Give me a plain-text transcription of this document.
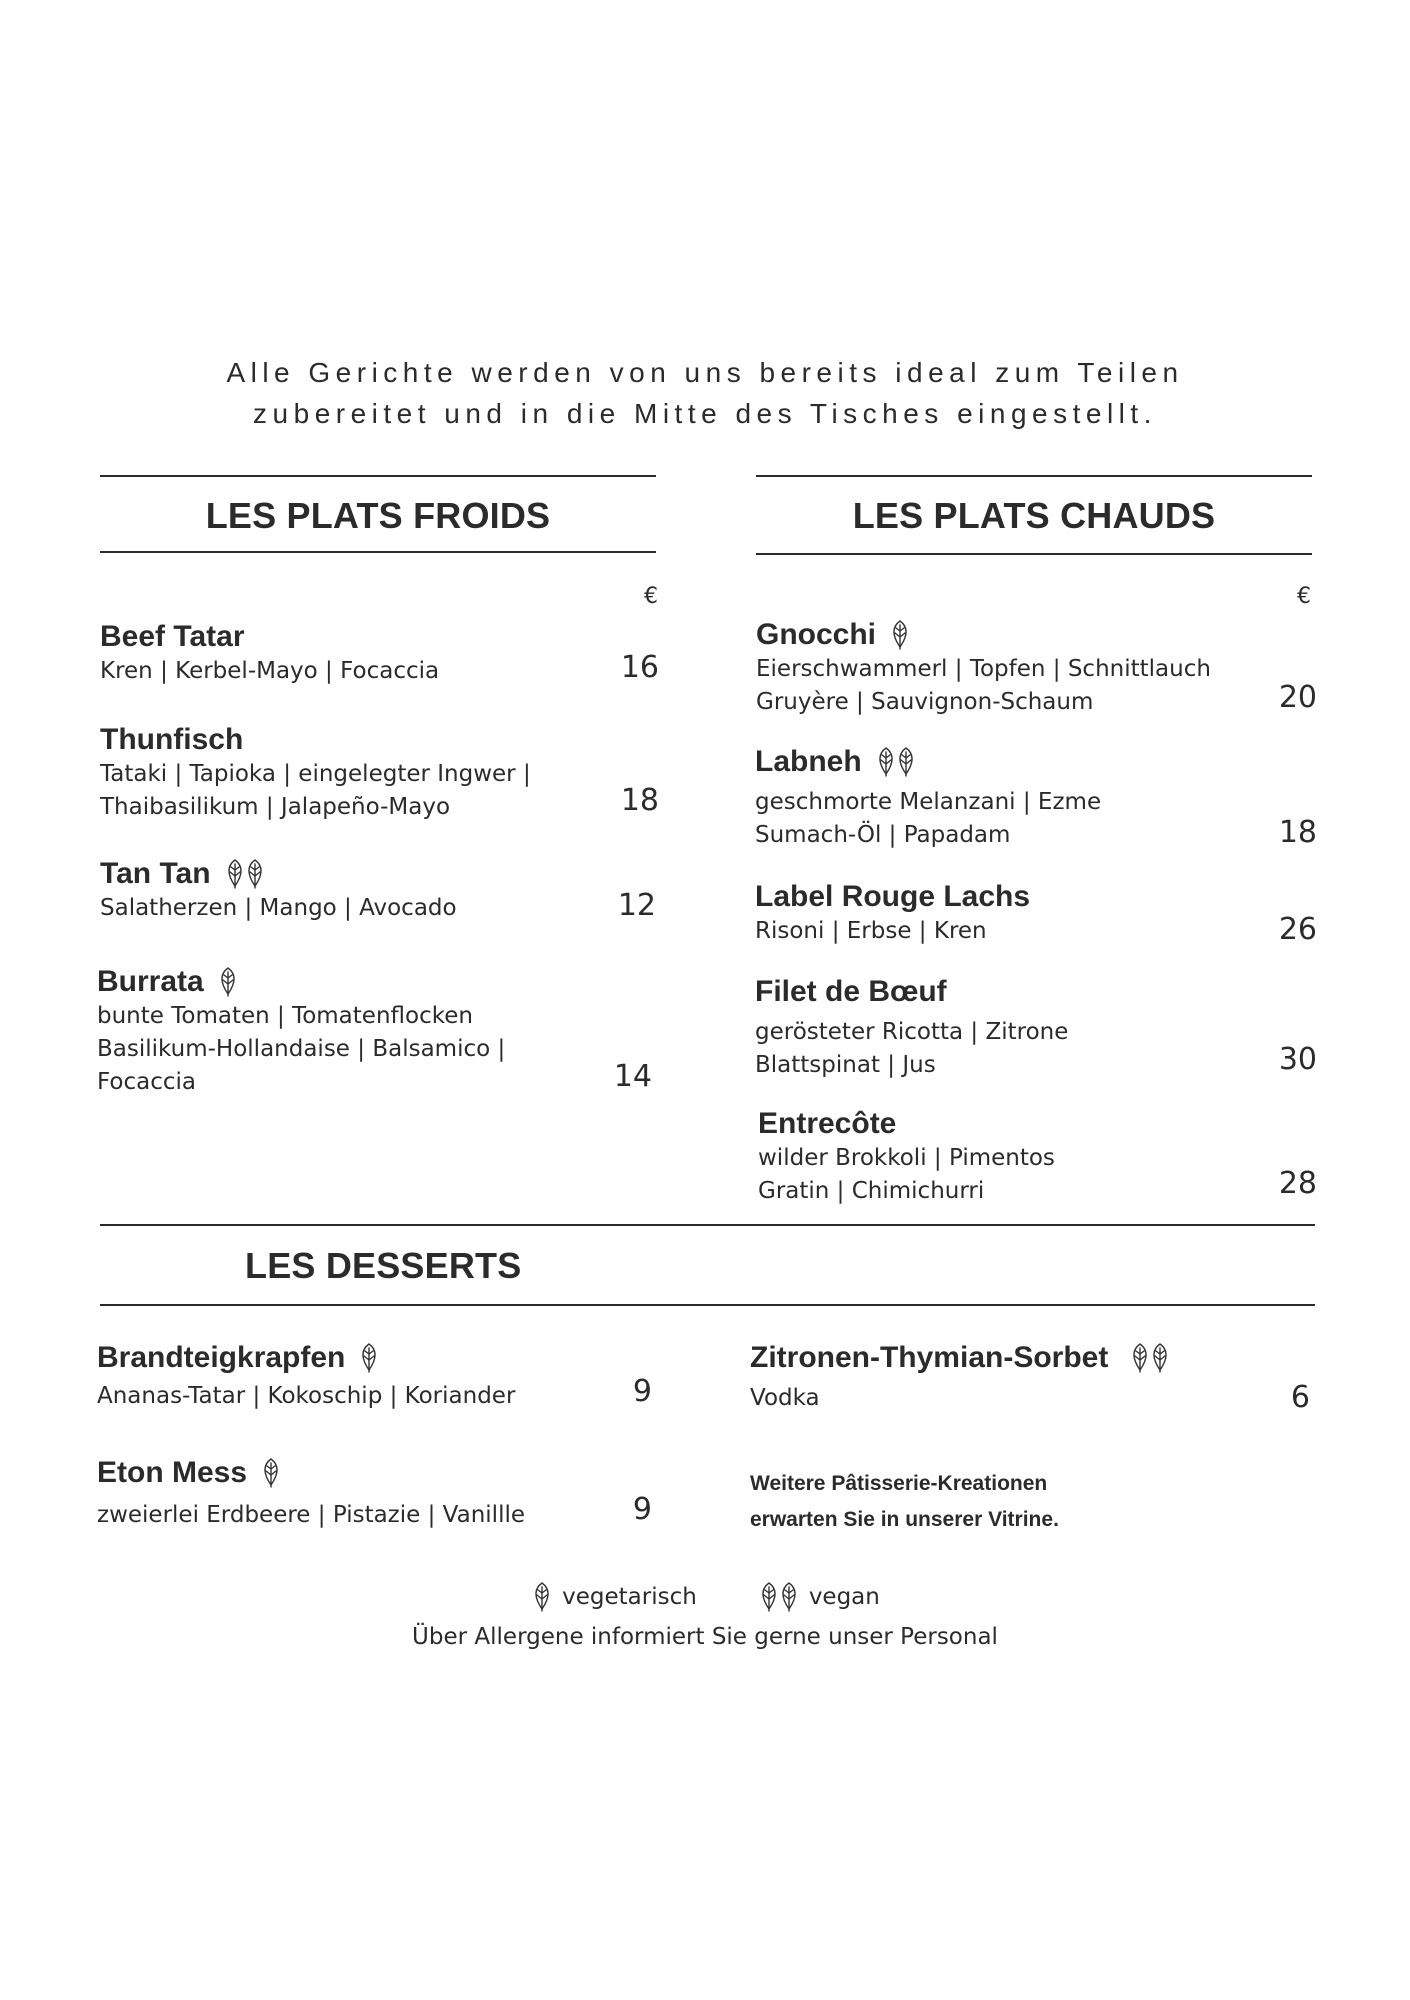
Alle Gerichte werden von uns bereits ideal zum Teilen
zubereitet und in die Mitte des Tisches eingestellt.
LES PLATS FROIDS
€
Beef Tatar
Kren | Kerbel-Mayo | Focaccia	16
Thunfisch
Tataki | Tapioka | eingelegter Ingwer |
Thaibasilikum | Jalapeño-Mayo	18
Tan Tan
Salatherzen | Mango | Avocado	12
Burrata
bunte Tomaten | Tomatenflocken
Basilikum-Hollandaise | Balsamico |
Focaccia	14
LES PLATS CHAUDS
€
Gnocchi
Eierschwammerl | Topfen | Schnittlauch
Gruyère | Sauvignon-Schaum	20
Labneh
geschmorte Melanzani | Ezme
Sumach-Öl | Papadam	18
Label Rouge Lachs
Risoni | Erbse | Kren	26
Filet de Bœuf
gerösteter Ricotta | Zitrone
Blattspinat | Jus	30
Entrecôte
wilder Brokkoli | Pimentos
Gratin | Chimichurri	28
LES DESSERTS
Brandteigkrapfen
Ananas-Tatar | Kokoschip | Koriander	9
Eton Mess
zweierlei Erdbeere | Pistazie | Vanillle	9
Zitronen-Thymian-Sorbet
Vodka	6
Weitere Pâtisserie-Kreationen
erwarten Sie in unserer Vitrine.
vegetarisch	vegan
Über Allergene informiert Sie gerne unser Personal
